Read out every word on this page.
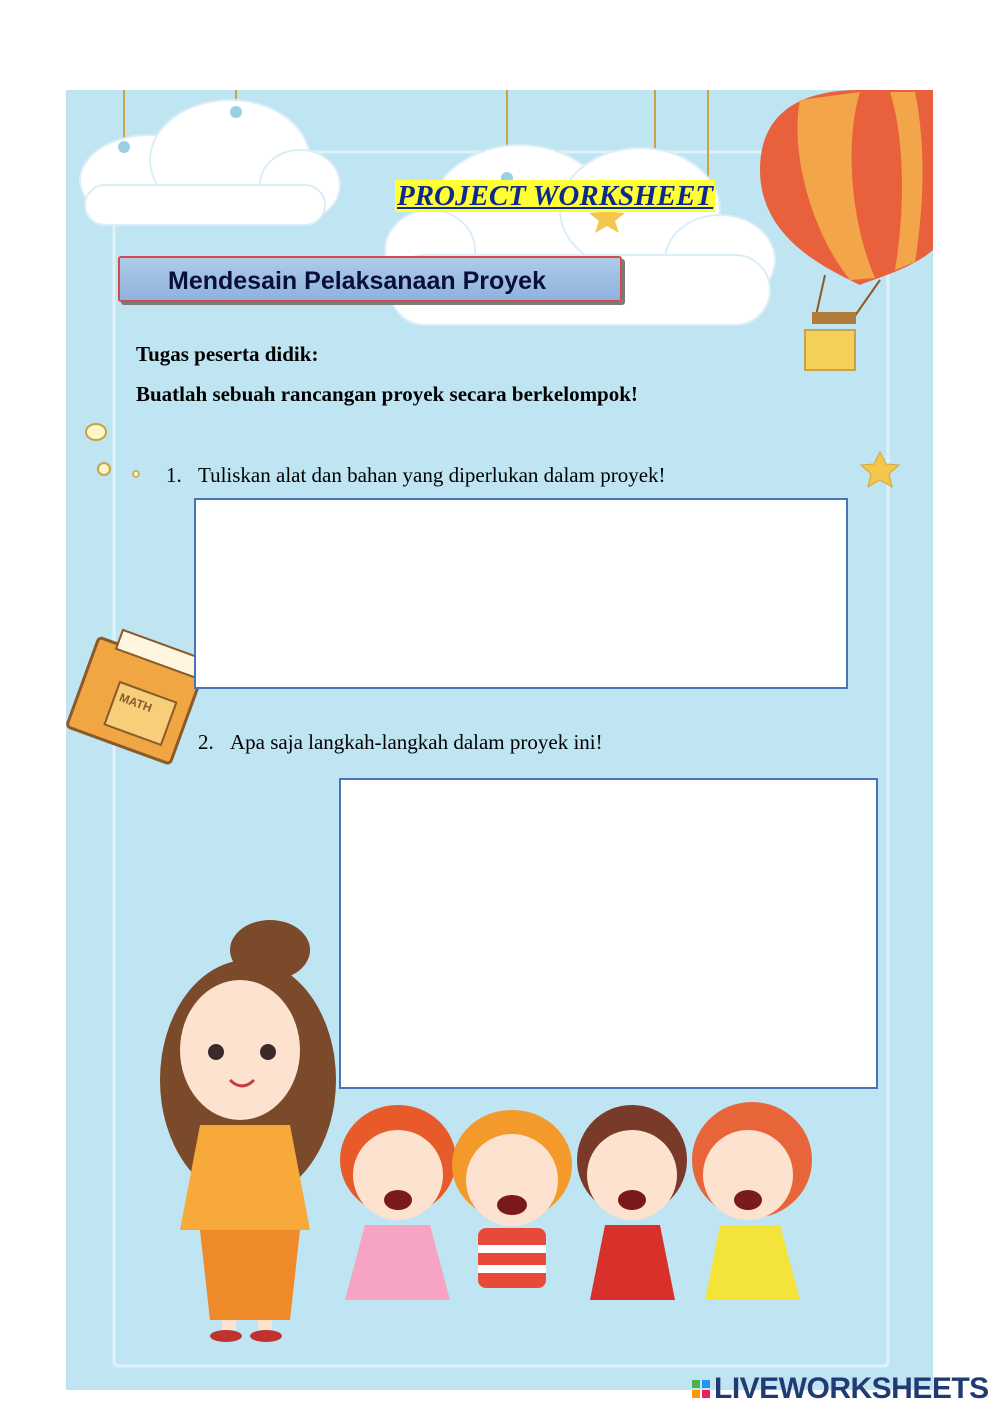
MATH
PROJECT WORKSHEET
Mendesain Pelaksanaan Proyek
Tugas peserta didik:
Buatlah sebuah rancangan proyek secara berkelompok!
1. Tuliskan alat dan bahan yang diperlukan dalam proyek!
2. Apa saja langkah-langkah dalam proyek ini!
LIVEWORKSHEETS
